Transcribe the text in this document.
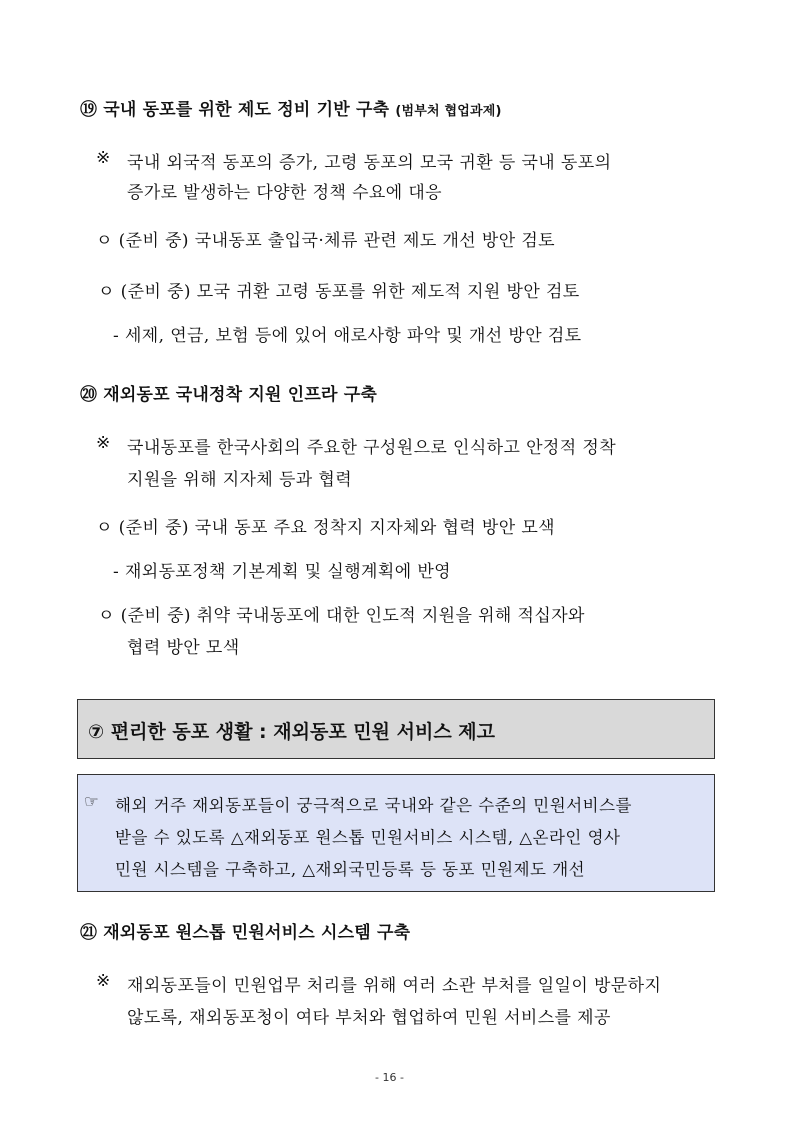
⑲ 국내 동포를 위한 제도 정비 기반 구축 (범부처 협업과제)
※ 국내 외국적 동포의 증가, 고령 동포의 모국 귀환 등 국내 동포의
증가로 발생하는 다양한 정책 수요에 대응
ㅇ (준비 중) 국내동포 출입국·체류 관련 제도 개선 방안 검토
ㅇ (준비 중) 모국 귀환 고령 동포를 위한 제도적 지원 방안 검토
- 세제, 연금, 보험 등에 있어 애로사항 파악 및 개선 방안 검토
⑳ 재외동포 국내정착 지원 인프라 구축
※ 국내동포를 한국사회의 주요한 구성원으로 인식하고 안정적 정착
지원을 위해 지자체 등과 협력
ㅇ (준비 중) 국내 동포 주요 정착지 지자체와 협력 방안 모색
- 재외동포정책 기본계획 및 실행계획에 반영
ㅇ (준비 중) 취약 국내동포에 대한 인도적 지원을 위해 적십자와
협력 방안 모색
⑦ 편리한 동포 생활 : 재외동포 민원 서비스 제고
☞ 해외 거주 재외동포들이 궁극적으로 국내와 같은 수준의 민원서비스를
받을 수 있도록 △재외동포 원스톱 민원서비스 시스템, △온라인 영사
민원 시스템을 구축하고, △재외국민등록 등 동포 민원제도 개선
㉑ 재외동포 원스톱 민원서비스 시스템 구축
※ 재외동포들이 민원업무 처리를 위해 여러 소관 부처를 일일이 방문하지
않도록, 재외동포청이 여타 부처와 협업하여 민원 서비스를 제공
- 16 -
